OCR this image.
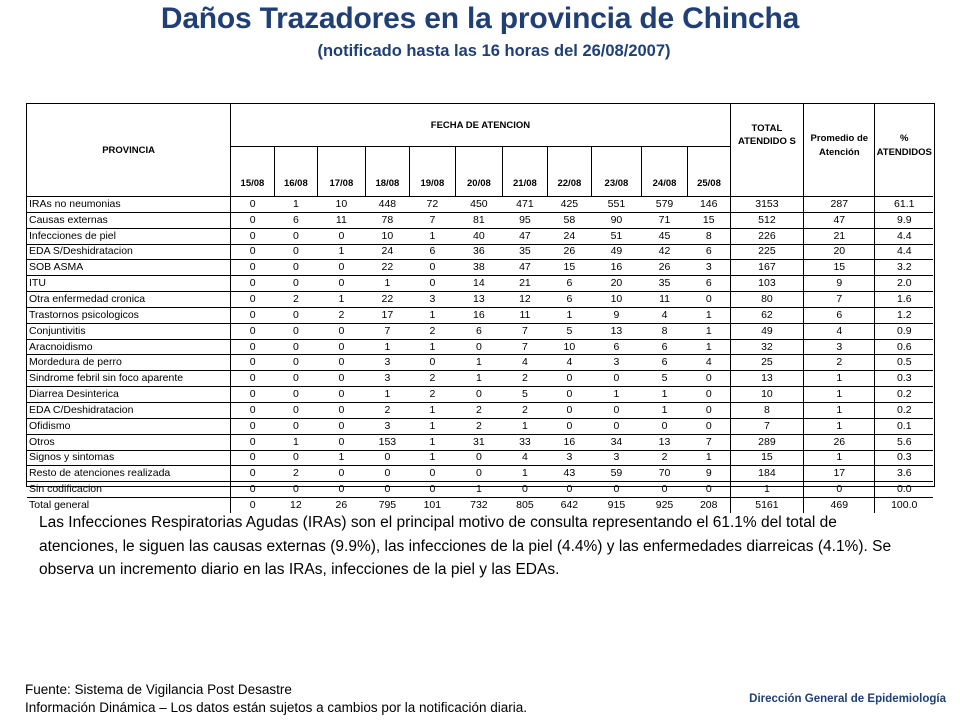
Daños Trazadores en la provincia de Chincha
(notificado hasta las 16 horas del 26/08/2007)
PROVINCIA	FECHA DE ATENCION											TOTAL ATENDIDO S	Promedio de Atención	% ATENDIDOS
	15/08	16/08	17/08	18/08	19/08	20/08	21/08	22/08	23/08	24/08	25/08			
IRAs no neumonias	0	1	10	448	72	450	471	425	551	579	146	3153	287	61.1
Causas externas	0	6	11	78	7	81	95	58	90	71	15	512	47	9.9
Infecciones de piel	0	0	0	10	1	40	47	24	51	45	8	226	21	4.4
EDA S/Deshidratacion	0	0	1	24	6	36	35	26	49	42	6	225	20	4.4
SOB ASMA	0	0	0	22	0	38	47	15	16	26	3	167	15	3.2
ITU	0	0	0	1	0	14	21	6	20	35	6	103	9	2.0
Otra enfermedad cronica	0	2	1	22	3	13	12	6	10	11	0	80	7	1.6
Trastornos psicologicos	0	0	2	17	1	16	11	1	9	4	1	62	6	1.2
Conjuntivitis	0	0	0	7	2	6	7	5	13	8	1	49	4	0.9
Aracnoidismo	0	0	0	1	1	0	7	10	6	6	1	32	3	0.6
Mordedura de perro	0	0	0	3	0	1	4	4	3	6	4	25	2	0.5
Sindrome febril sin foco aparente	0	0	0	3	2	1	2	0	0	5	0	13	1	0.3
Diarrea Desinterica	0	0	0	1	2	0	5	0	1	1	0	10	1	0.2
EDA C/Deshidratacion	0	0	0	2	1	2	2	0	0	1	0	8	1	0.2
Ofidismo	0	0	0	3	1	2	1	0	0	0	0	7	1	0.1
Otros	0	1	0	153	1	31	33	16	34	13	7	289	26	5.6
Signos y sintomas	0	0	1	0	1	0	4	3	3	2	1	15	1	0.3
Resto de atenciones realizada	0	2	0	0	0	0	1	43	59	70	9	184	17	3.6
Sin codificacion	0	0	0	0	0	1	0	0	0	0	0	1	0	0.0
Total general	0	12	26	795	101	732	805	642	915	925	208	5161	469	100.0
Las Infecciones Respiratorias Agudas (IRAs) son el principal motivo de consulta representando el 61.1% del total de atenciones, le siguen las causas externas (9.9%), las infecciones de la piel (4.4%) y las enfermedades diarreicas (4.1%). Se observa un incremento diario en las IRAs, infecciones de la piel y las EDAs.
Fuente: Sistema de Vigilancia Post Desastre
Información Dinámica – Los datos están sujetos a cambios por la notificación diaria.
Dirección General de Epidemiología
